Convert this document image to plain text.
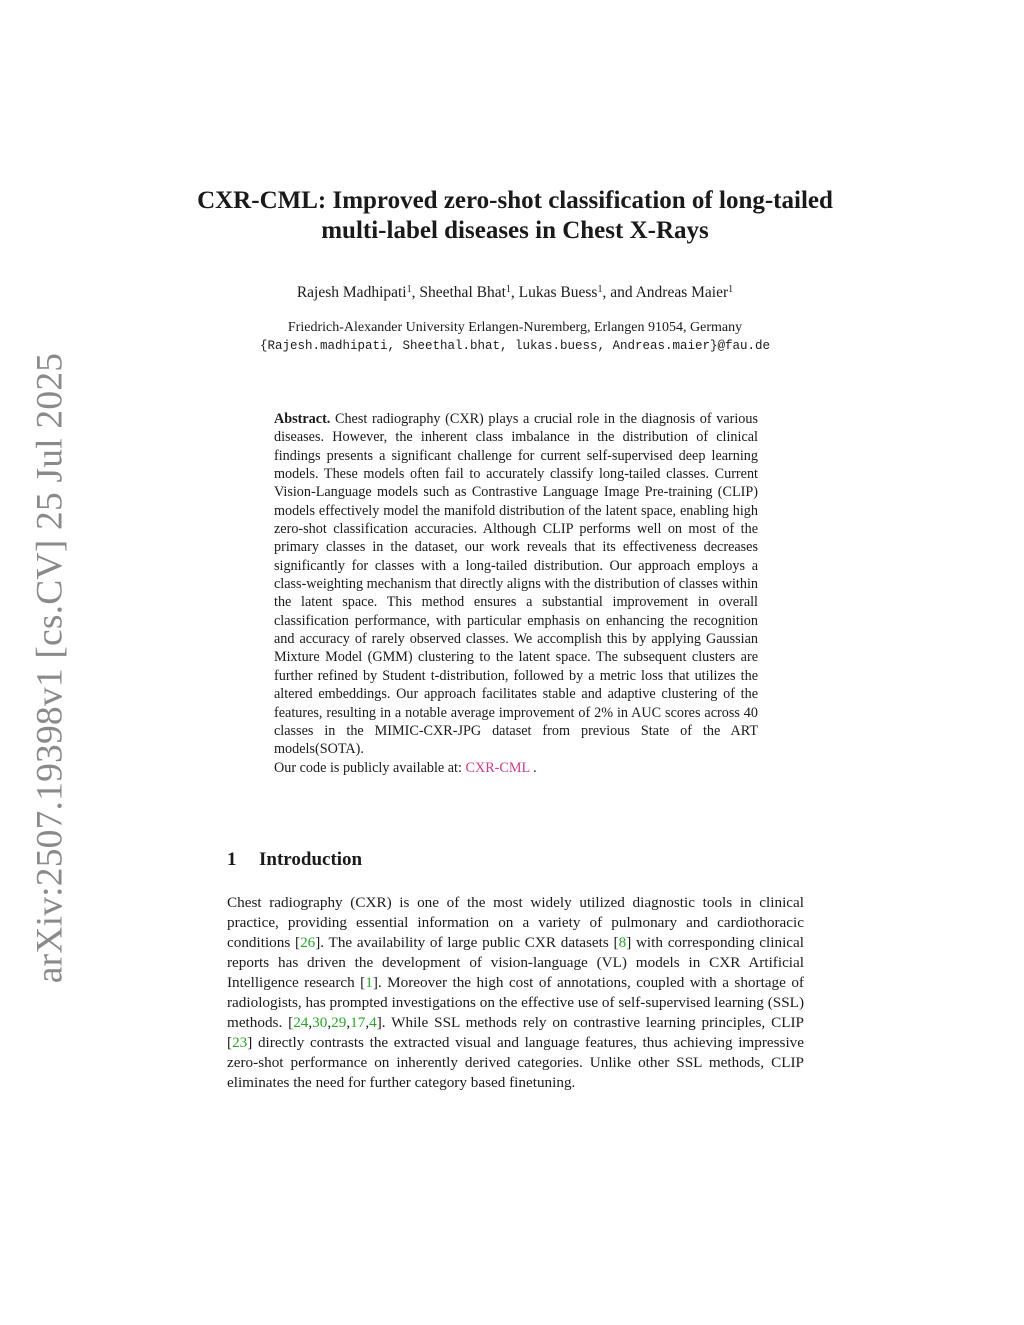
arXiv:2507.19398v1 [cs.CV] 25 Jul 2025
CXR-CML: Improved zero-shot classification of long-tailed multi-label diseases in Chest X-Rays
Rajesh Madhipati$^1$, Sheethal Bhat$^1$, Lukas Buess$^1$, and Andreas Maier$^1$
Friedrich-Alexander University Erlangen-Nuremberg, Erlangen 91054, Germany
{Rajesh.madhipati, Sheethal.bhat, lukas.buess, Andreas.maier}@fau.de

Abstract. Chest radiography (CXR) plays a crucial role in the diagnosis of various diseases. However, the inherent class imbalance in the distribution of clinical findings presents a significant challenge for current self-supervised deep learning models. These models often fail to accurately classify long-tailed classes. Current Vision-Language models such as Contrastive Language Image Pre-training (CLIP) models effectively model the manifold distribution of the latent space, enabling high zero-shot classification accuracies. Although CLIP performs well on most of the primary classes in the dataset, our work reveals that its effectiveness decreases significantly for classes with a long-tailed distribution. Our approach employs a class-weighting mechanism that directly aligns with the distribution of classes within the latent space. This method ensures a substantial improvement in overall classification performance, with particular emphasis on enhancing the recognition and accuracy of rarely observed classes. We accomplish this by applying Gaussian Mixture Model (GMM) clustering to the latent space. The subsequent clusters are further refined by Student t-distribution, followed by a metric loss that utilizes the altered embeddings. Our approach facilitates stable and adaptive clustering of the features, resulting in a notable average improvement of 2% in AUC scores across 40 classes in the MIMIC-CXR-JPG dataset from previous State of the ART models(SOTA).

Our code is publicly available at: CXR-CML .

1 Introduction

Chest radiography (CXR) is one of the most widely utilized diagnostic tools in clinical practice, providing essential information on a variety of pulmonary and cardiothoracic conditions [26]. The availability of large public CXR datasets [8] with corresponding clinical reports has driven the development of vision-language (VL) models in CXR Artificial Intelligence research [1]. Moreover the high cost of annotations, coupled with a shortage of radiologists, has prompted investigations on the effective use of self-supervised learning (SSL) methods. [24,30,29,17,4]. While SSL methods rely on contrastive learning principles, CLIP [23] directly contrasts the extracted visual and language features, thus achieving impressive zero-shot performance on inherently derived categories. Unlike other SSL methods, CLIP eliminates the need for further category based finetuning.
